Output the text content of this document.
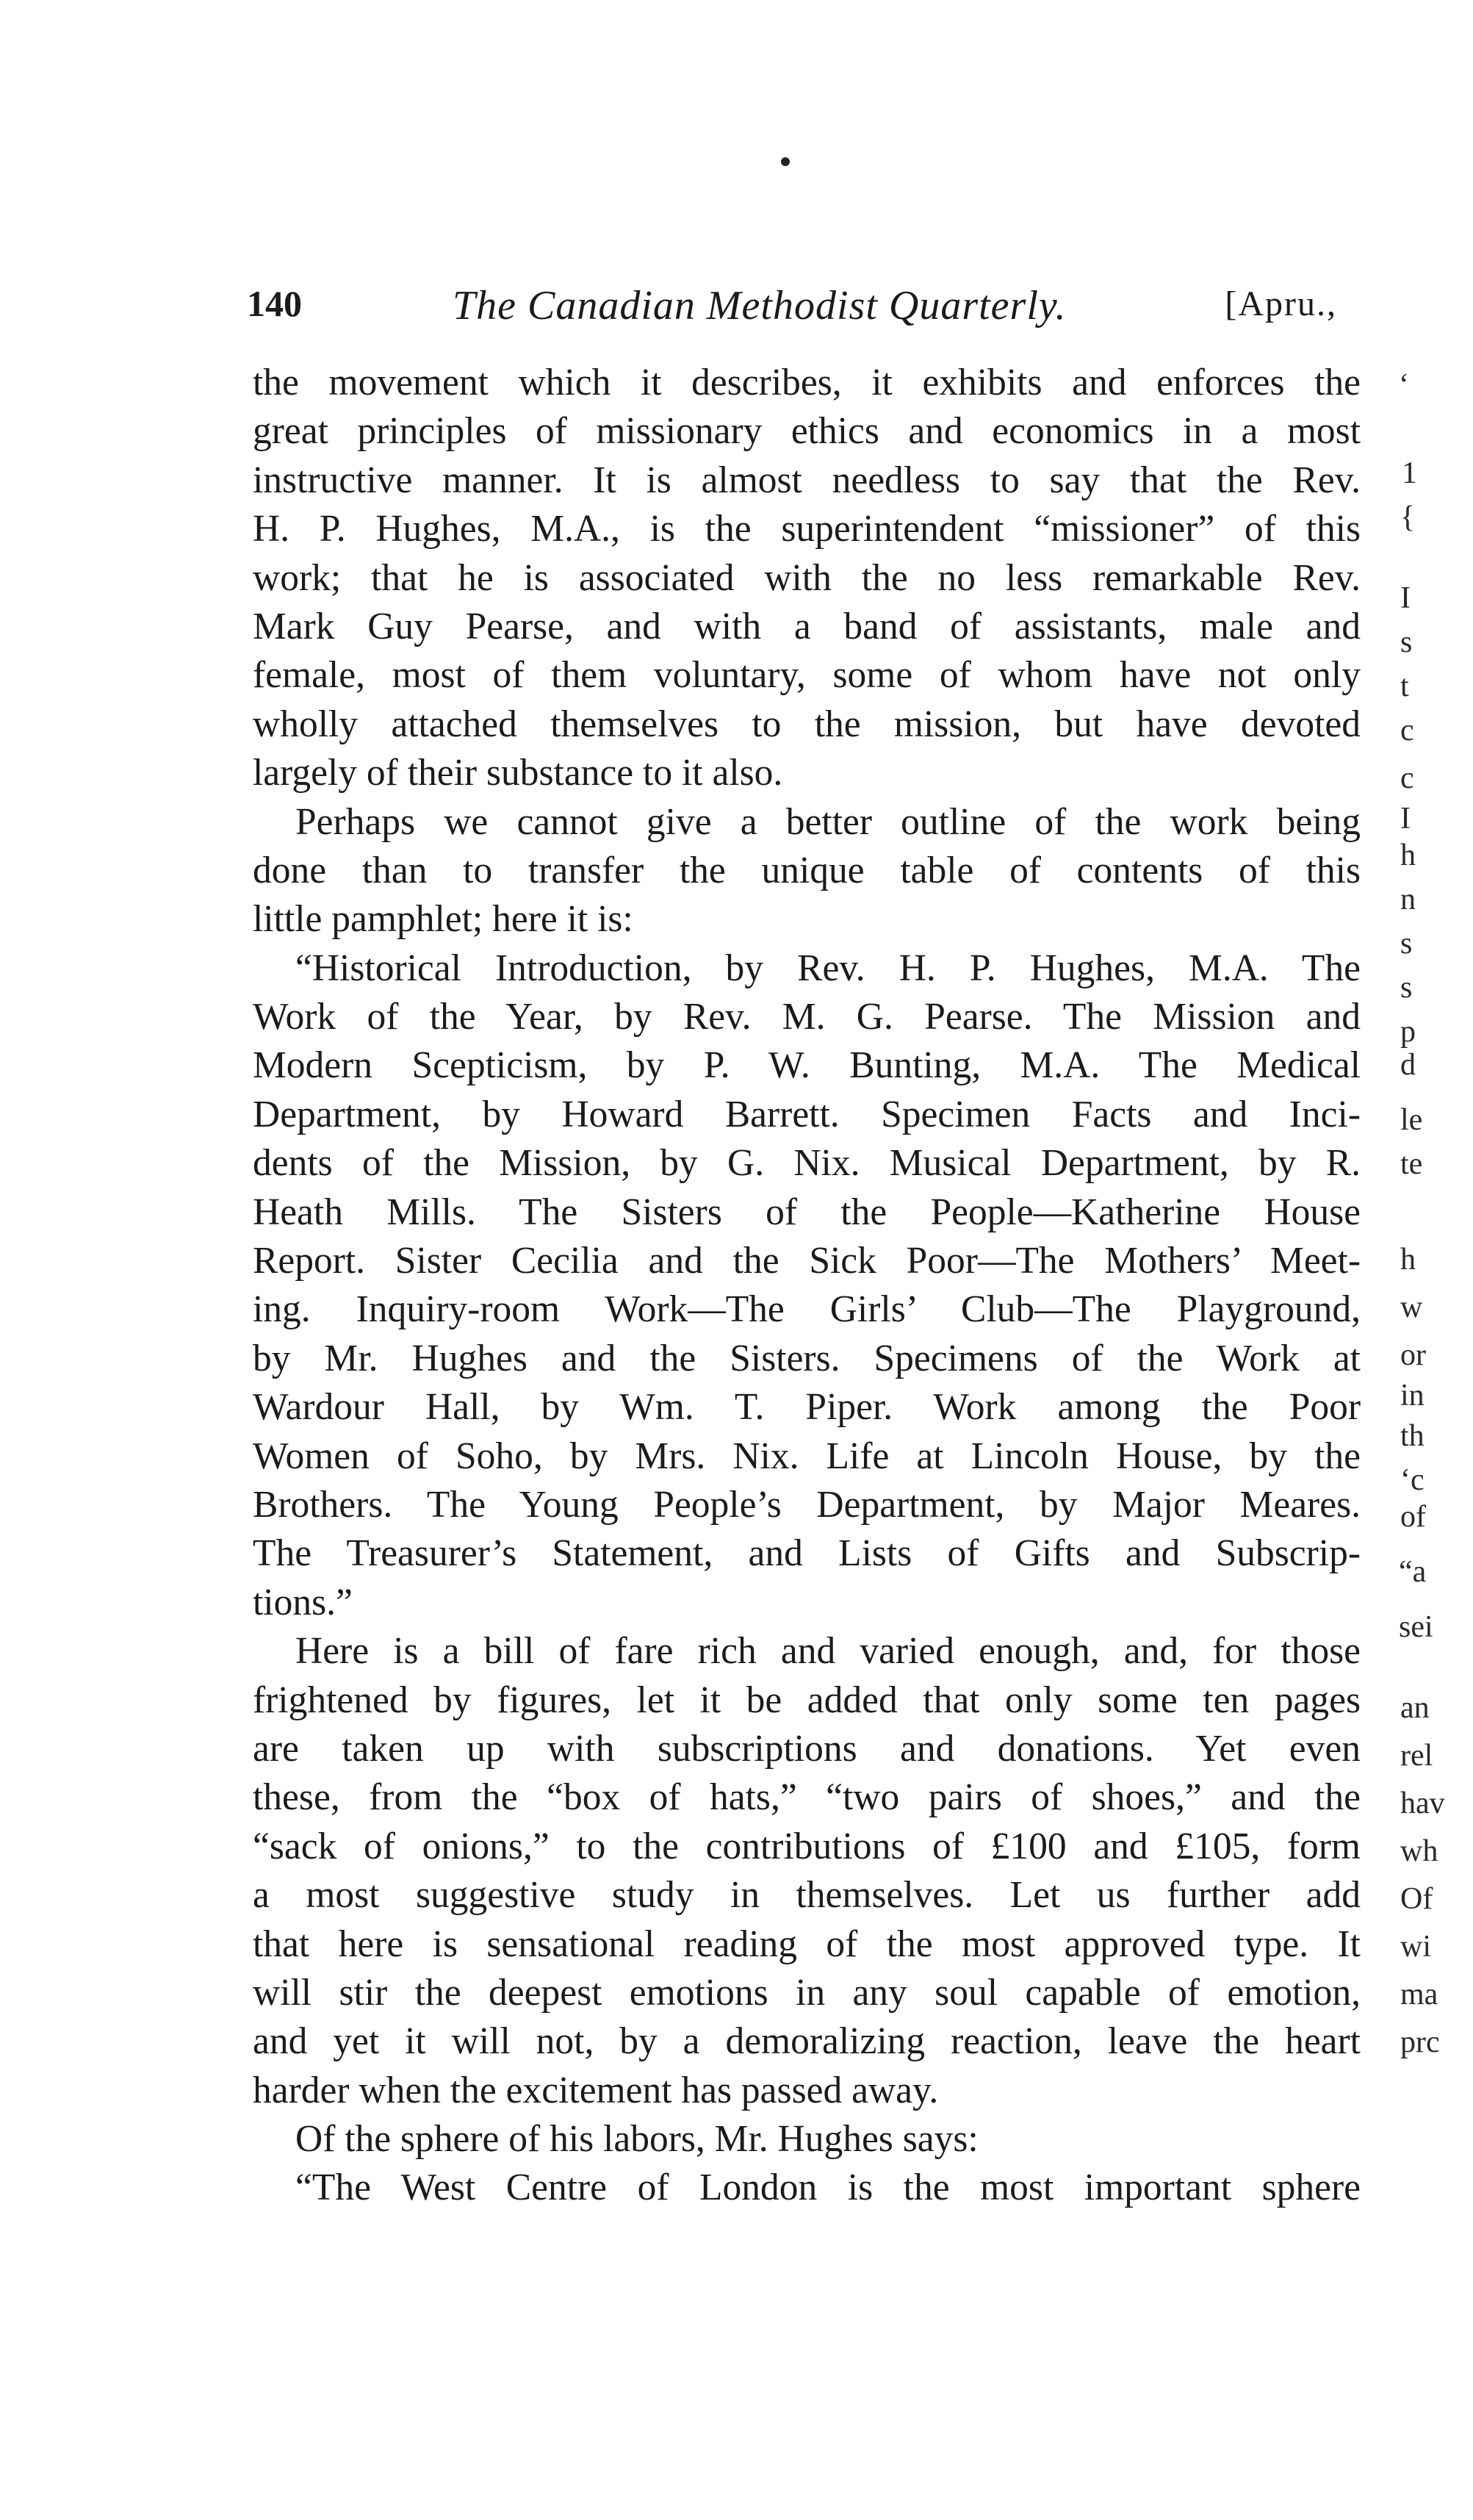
140	The Canadian Methodist Quarterly.	[Apru.,
the movement which it describes, it exhibits and enforces the
great principles of missionary ethics and economics in a most
instructive manner. It is almost needless to say that the Rev.
H. P. Hughes, M.A., is the superintendent “missioner” of this
work; that he is associated with the no less remarkable Rev.
Mark Guy Pearse, and with a band of assistants, male and
female, most of them voluntary, some of whom have not only
wholly attached themselves to the mission, but have devoted
largely of their substance to it also.
Perhaps we cannot give a better outline of the work being
done than to transfer the unique table of contents of this
little pamphlet; here it is:
“Historical Introduction, by Rev. H. P. Hughes, M.A. The
Work of the Year, by Rev. M. G. Pearse. The Mission and
Modern Scepticism, by P. W. Bunting, M.A. The Medical
Department, by Howard Barrett. Specimen Facts and Inci-
dents of the Mission, by G. Nix. Musical Department, by R.
Heath Mills. The Sisters of the People—Katherine House
Report. Sister Cecilia and the Sick Poor—The Mothers’ Meet-
ing. Inquiry-room Work—The Girls’ Club—The Playground,
by Mr. Hughes and the Sisters. Specimens of the Work at
Wardour Hall, by Wm. T. Piper. Work among the Poor
Women of Soho, by Mrs. Nix. Life at Lincoln House, by the
Brothers. The Young People’s Department, by Major Meares.
The Treasurer’s Statement, and Lists of Gifts and Subscrip-
tions.”
Here is a bill of fare rich and varied enough, and, for those
frightened by figures, let it be added that only some ten pages
are taken up with subscriptions and donations. Yet even
these, from the “box of hats,” “two pairs of shoes,” and the
“sack of onions,” to the contributions of £100 and £105, form
a most suggestive study in themselves. Let us further add
that here is sensational reading of the most approved type. It
will stir the deepest emotions in any soul capable of emotion,
and yet it will not, by a demoralizing reaction, leave the heart
harder when the excitement has passed away.
Of the sphere of his labors, Mr. Hughes says:
“The West Centre of London is the most important sphere
‘
1
{
I
s
t
c
c
I
h
n
s
s
p
d
le
te
h
w
or
in
th
‘c
of
“a
sei
an
rel
hav
wh
Of
wi
ma
prc
